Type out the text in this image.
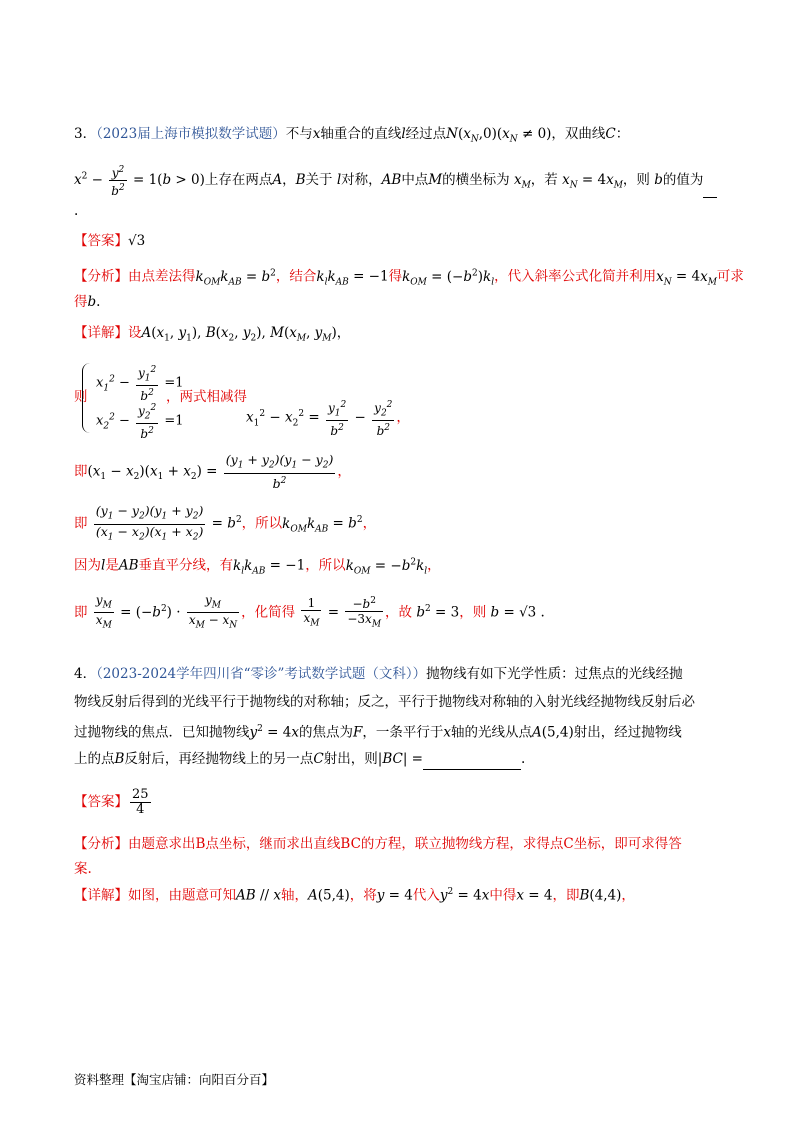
3．（2023届上海市模拟数学试题）不与x轴重合的直线l经过点$N(x_N,0)(x_N \ne 0)$，双曲线C：
$x^2 - \frac{y^2}{b^2} = 1(b > 0)$上存在两点A，B关于 l对称，AB中点M的横坐标为 $x_M$，若 $x_N = 4x_M$，则 b的值为
.
【答案】√3
【分析】由点差法得$k_{OM}k_{AB} = b^2$，结合$k_lk_{AB} = -1$得$k_{OM} = (-b^2)k_l$，代入斜率公式化简并利用$x_N = 4x_M$可求
得b.
【详解】设$A(x_1$, $y_1$), $B(x_2$, $y_2$), $M(x_M$, $y_M$)，
则
$x_1^2 - \frac{y_1^2}{b^2} =1$
$x_2^2 - \frac{y_2^2}{b^2} =1$
，两式相减得
$x_1^2 - x_2^2 = \frac{y_1^2}{b^2} - \frac{y_2^2}{b^2}$ ，
即$(x_1 - x_2)(x_1 + x_2) = \frac{(y_1 + y_2)(y_1 - y_2)}{b^2}$ ，
即 $\frac{(y_1 - y_2)(y_1 + y_2)}{(x_1 - x_2)(x_1 + x_2)} = b^2$，所以$k_{OM}k_{AB} = b^2$，
因为l是AB垂直平分线，有$k_lk_{AB} = -1$，所以$k_{OM} = -b^2k_l$，
即 $\frac{y_M}{x_M} = (-b^2) \cdot \frac{y_M}{x_M - x_N}$ ，化简得 $\frac{1}{x_M} = \frac{-b^2}{-3x_M}$ ，故 $b^2 = 3$，则 b = √3 .
4．（2023-2024学年四川省“零诊”考试数学试题（文科））抛物线有如下光学性质：过焦点的光线经抛
物线反射后得到的光线平行于抛物线的对称轴；反之，平行于抛物线对称轴的入射光线经抛物线反射后必
过抛物线的焦点．已知抛物线$y^2 = 4x$的焦点为F，一条平行于x轴的光线从点A(5,4)射出，经过抛物线
上的点B反射后，再经抛物线上的另一点C射出，则|BC| =	.
【答案】 $\frac{25}{4}$
【分析】由题意求出B点坐标，继而求出直线BC的方程，联立抛物线方程，求得点C坐标，即可求得答
案.
【详解】如图，由题意可知AB // x轴，A(5,4)，将y = 4代入$y^2 = 4x$中得x = 4，即B(4,4)，
资料整理【淘宝店铺：向阳百分百】
